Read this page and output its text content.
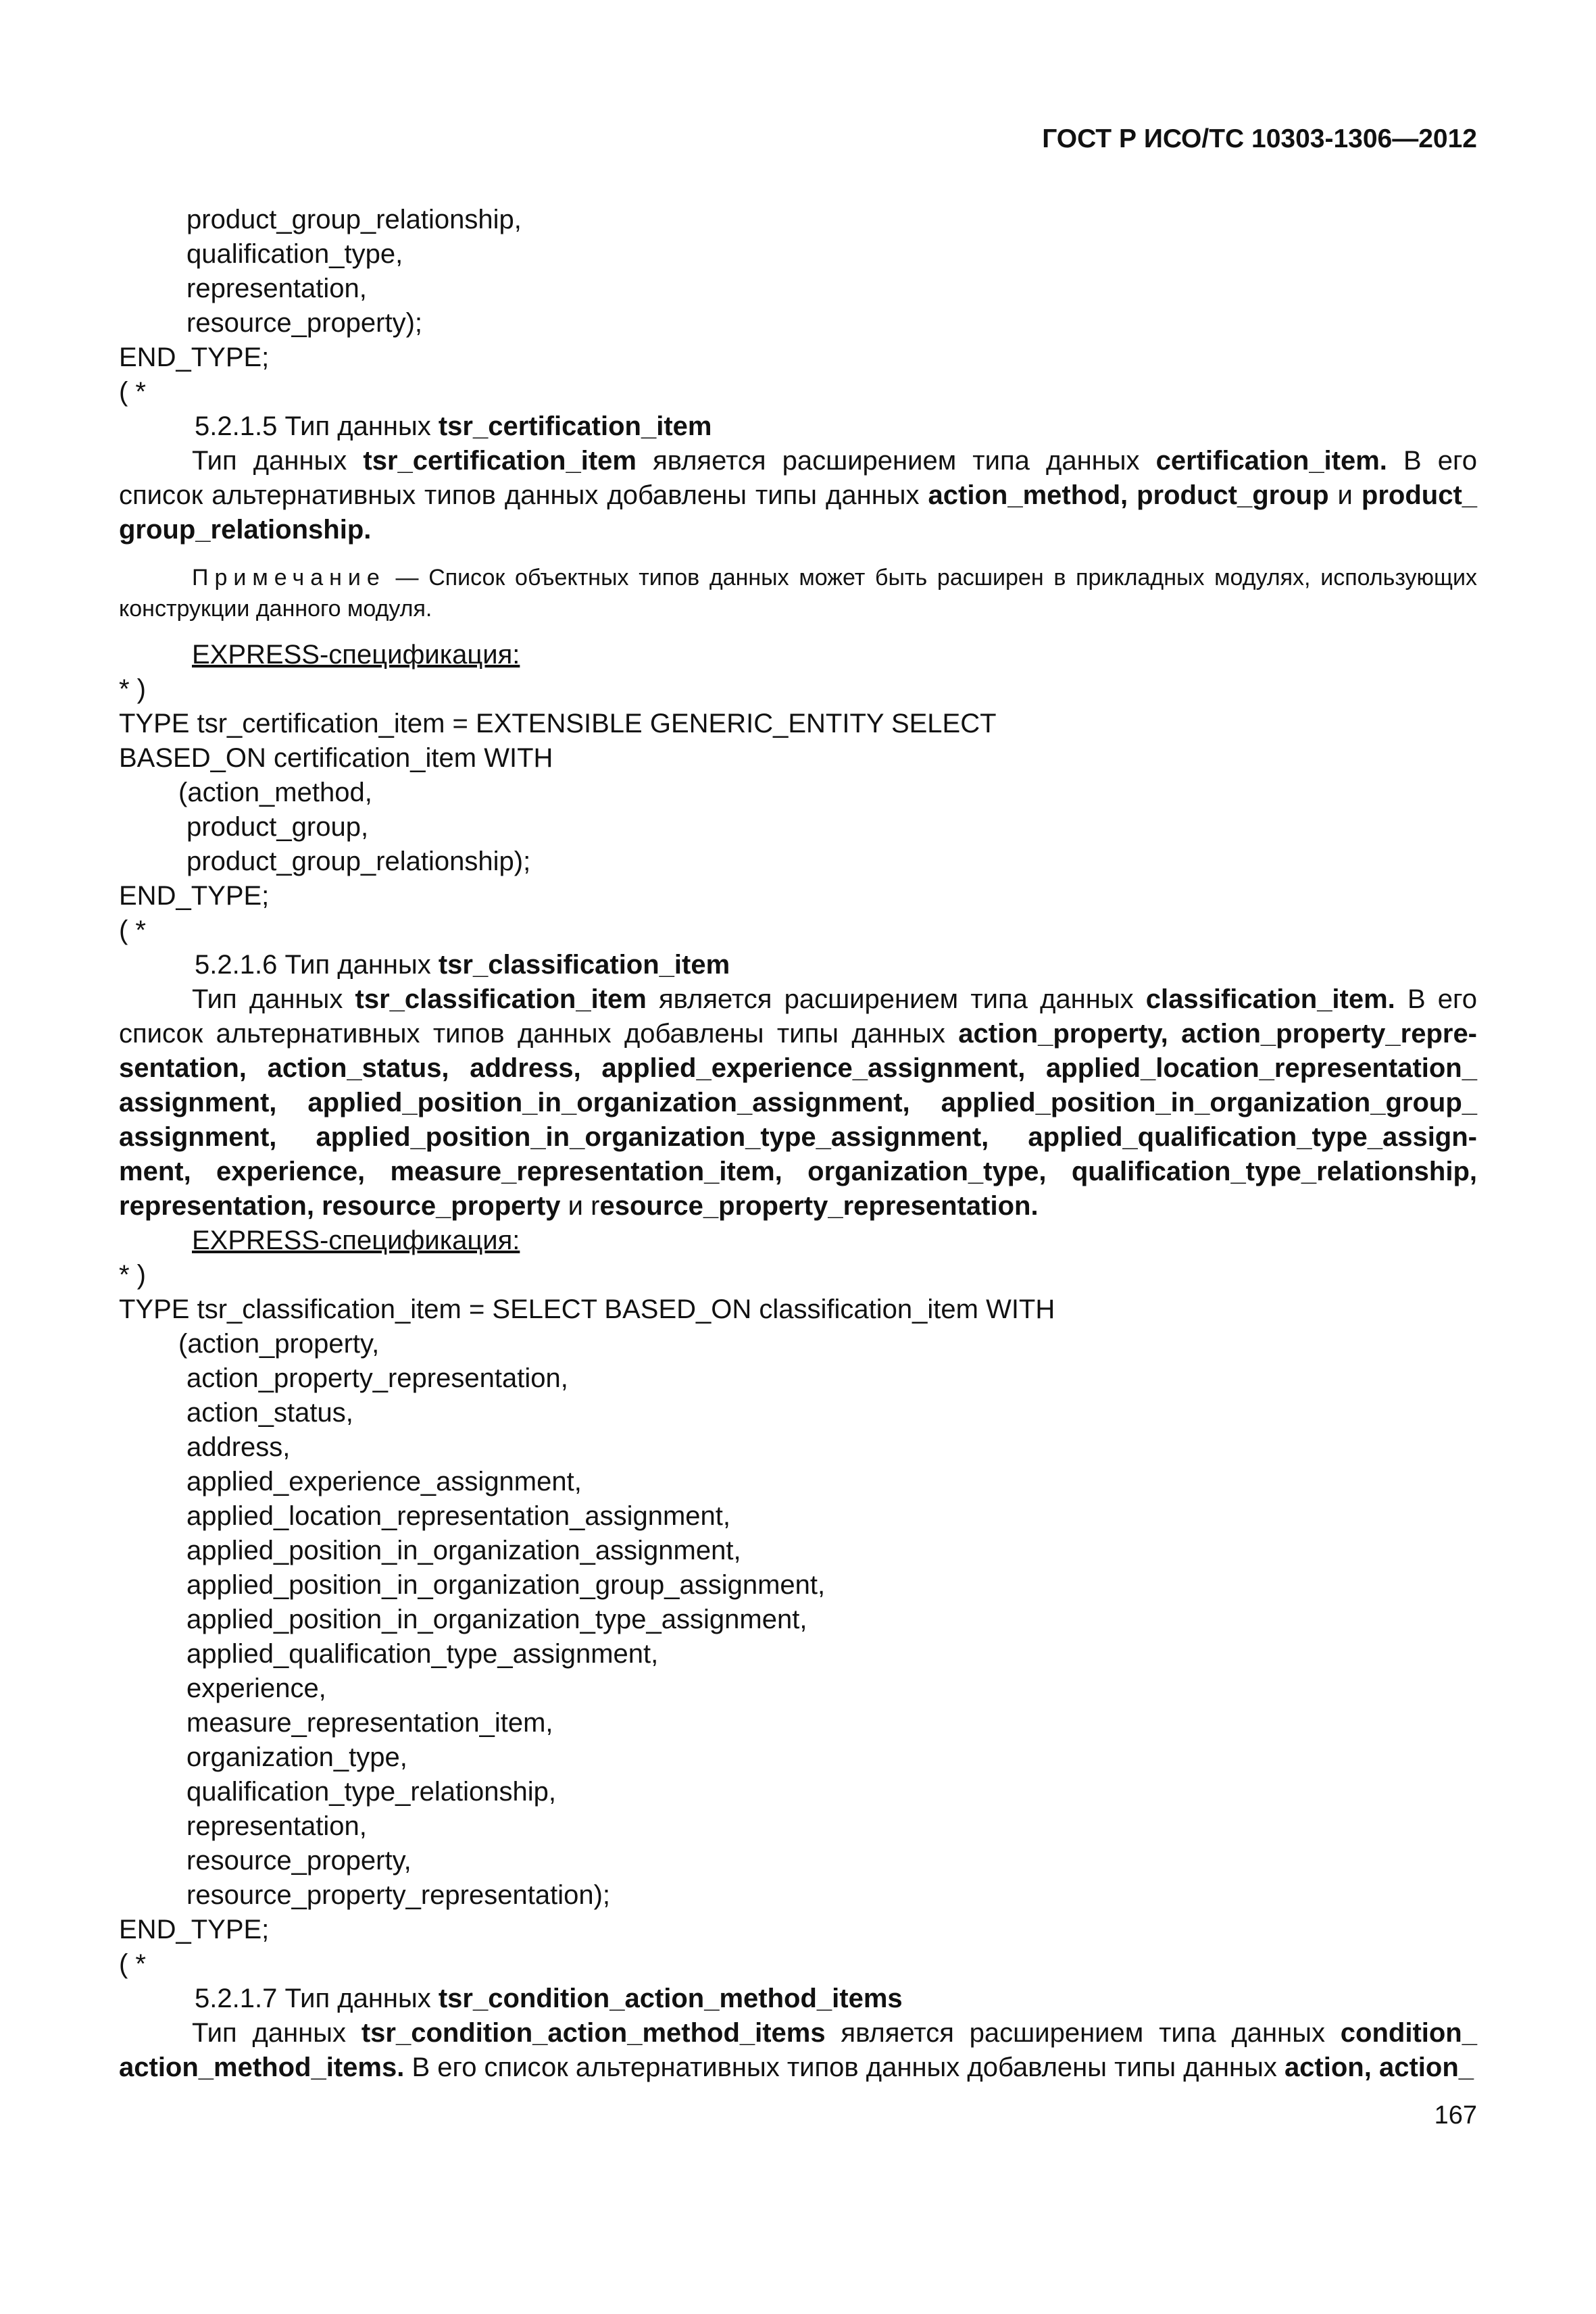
ГОСТ Р ИСО/ТС 10303-1306—2012
product_group_relationship,
qualification_type,
representation,
resource_property);
END_TYPE;
( *
5.2.1.5 Тип данных tsr_certification_item
Тип данных tsr_certification_item является расширением типа данных certification_item. В его список альтернативных типов данных добавлены типы данных action_method, product_group и product_ group_relationship.
Примечание — Список объектных типов данных может быть расширен в прикладных модулях, использующих конструкции данного модуля.
EXPRESS-спецификация:
* )
TYPE tsr_certification_item = EXTENSIBLE GENERIC_ENTITY SELECT
BASED_ON certification_item WITH
(action_method,
product_group,
product_group_relationship);
END_TYPE;
( *
5.2.1.6 Тип данных tsr_classification_item
Тип данных tsr_classification_item является расширением типа данных classification_item. В его список альтернативных типов данных добавлены типы данных action_property, action_property_repre- sentation, action_status, address, applied_experience_assignment, applied_location_representation_ assignment, applied_position_in_organization_assignment, applied_position_in_organization_group_ assignment, applied_position_in_organization_type_assignment, applied_qualification_type_assign- ment, experience, measure_representation_item, organization_type, qualification_type_relationship, representation, resource_property и resource_property_representation.
EXPRESS-спецификация:
* )
TYPE tsr_classification_item = SELECT BASED_ON classification_item WITH
(action_property,
action_property_representation,
action_status,
address,
applied_experience_assignment,
applied_location_representation_assignment,
applied_position_in_organization_assignment,
applied_position_in_organization_group_assignment,
applied_position_in_organization_type_assignment,
applied_qualification_type_assignment,
experience,
measure_representation_item,
organization_type,
qualification_type_relationship,
representation,
resource_property,
resource_property_representation);
END_TYPE;
( *
5.2.1.7 Тип данных tsr_condition_action_method_items
Тип данных tsr_condition_action_method_items является расширением типа данных condition_ action_method_items. В его список альтернативных типов данных добавлены типы данных action, action_
167
